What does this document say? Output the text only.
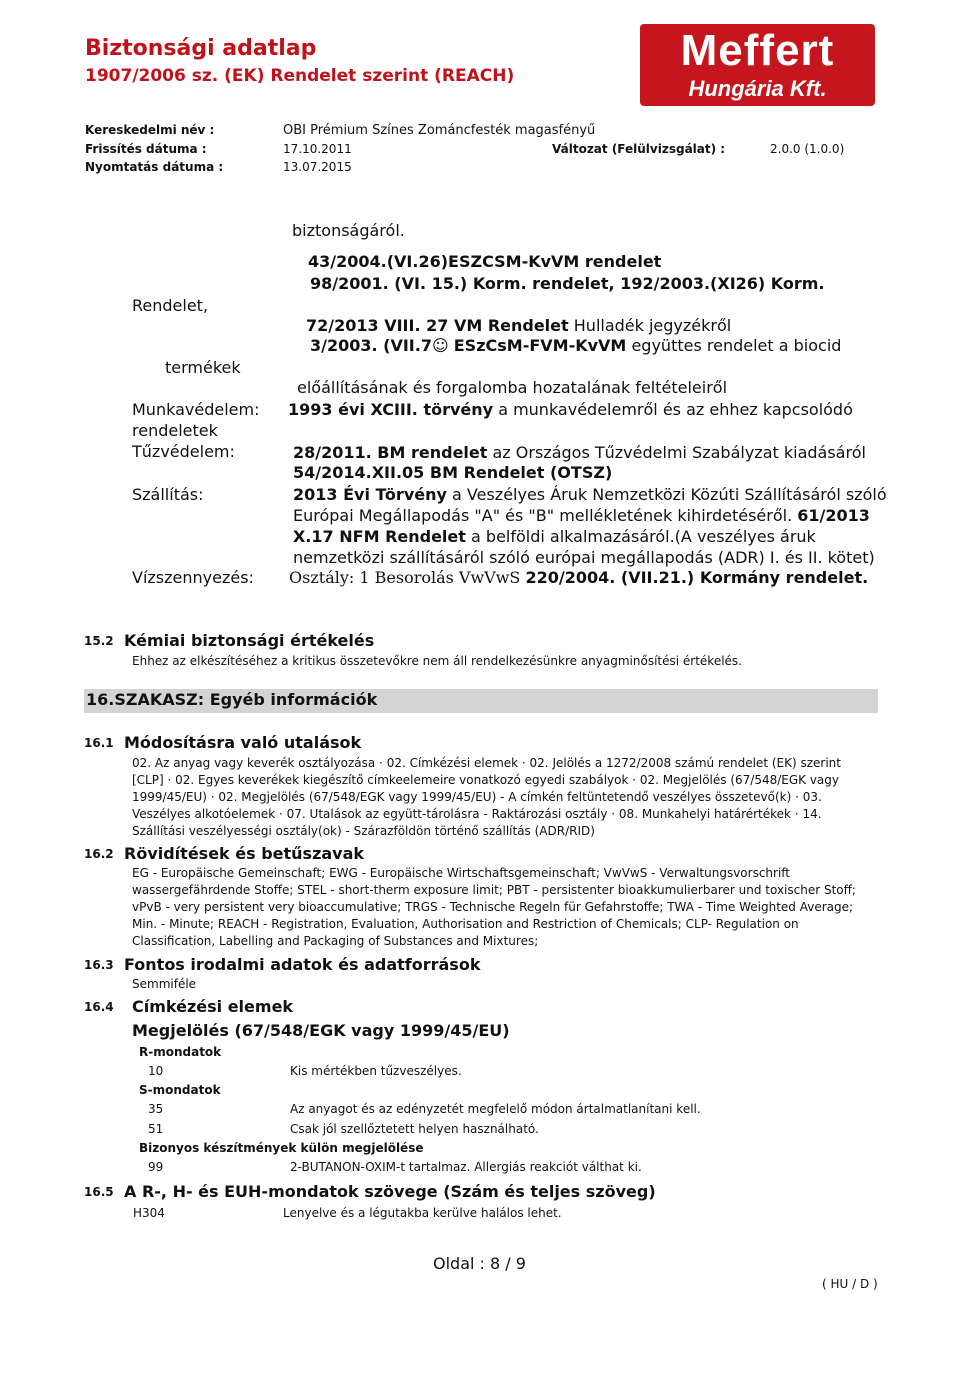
Biztonsági adatlap
1907/2006 sz. (EK) Rendelet szerint (REACH)
Meffert
Hungária Kft.
Kereskedelmi név :	OBI Prémium Színes Zománcfesték magasfényű
Frissítés dátuma :	17.10.2011	Változat (Felülvizsgálat) :	2.0.0 (1.0.0)
Nyomtatás dátuma :	13.07.2015
biztonságáról.
43/2004.(VI.26)ESZCSM-KvVM rendelet
98/2001. (VI. 15.) Korm. rendelet, 192/2003.(XI26) Korm.
Rendelet,
72/2013 VIII. 27 VM Rendelet Hulladék jegyzékről
3/2003. (VII.7☺ ESzCsM-FVM-KvVM együttes rendelet a biocid
termékek
előállításának és forgalomba hozatalának feltételeiről
Munkavédelem: 1993 évi XCIII. törvény a munkavédelemről és az ehhez kapcsolódó
rendeletek
Tűzvédelem:	28/2011. BM rendelet az Országos Tűzvédelmi Szabályzat kiadásáról
54/2014.XII.05 BM Rendelet (OTSZ)
Szállítás:	2013 Évi Törvény a Veszélyes Áruk Nemzetközi Közúti Szállításáról szóló
Európai Megállapodás "A" és "B" mellékletének kihirdetéséről. 61/2013
X.17 NFM Rendelet a belföldi alkalmazásáról.(A veszélyes áruk
nemzetközi szállításáról szóló európai megállapodás (ADR) I. és II. kötet)
Vízszennyezés: Osztály: 1 Besorolás VwVwS 220/2004. (VII.21.) Kormány rendelet.
15.2 Kémiai biztonsági értékelés
Ehhez az elkészítéséhez a kritikus összetevőkre nem áll rendelkezésünkre anyagminősítési értékelés.
16.SZAKASZ: Egyéb információk
16.1 Módosításra való utalások
02. Az anyag vagy keverék osztályozása · 02. Címkézési elemek · 02. Jelölés a 1272/2008 számú rendelet (EK) szerint [CLP] · 02. Egyes keverékek kiegészítő címkeelemeire vonatkozó egyedi szabályok · 02. Megjelölés (67/548/EGK vagy 1999/45/EU) · 02. Megjelölés (67/548/EGK vagy 1999/45/EU) - A címkén feltüntetendő veszélyes összetevő(k) · 03. Veszélyes alkotóelemek · 07. Utalások az együtt-tárolásra - Raktározási osztály · 08. Munkahelyi határértékek · 14. Szállítási veszélyességi osztály(ok) - Szárazföldön történő szállítás (ADR/RID)
16.2 Rövidítések és betűszavak
EG - Europäische Gemeinschaft; EWG - Europäische Wirtschaftsgemeinschaft; VwVwS - Verwaltungsvorschrift wassergefährdende Stoffe; STEL - short-therm exposure limit; PBT - persistenter bioakkumulierbarer und toxischer Stoff; vPvB - very persistent very bioaccumulative; TRGS - Technische Regeln für Gefahrstoffe; TWA - Time Weighted Average; Min. - Minute; REACH - Registration, Evaluation, Authorisation and Restriction of Chemicals; CLP- Regulation on Classification, Labelling and Packaging of Substances and Mixtures;
16.3 Fontos irodalmi adatok és adatforrások
Semmiféle
16.4 Címkézési elemek
Megjelölés (67/548/EGK vagy 1999/45/EU)
R-mondatok
10	Kis mértékben tűzveszélyes.
S-mondatok
35	Az anyagot és az edényzetét megfelelő módon ártalmatlanítani kell.
51	Csak jól szellőztetett helyen használható.
Bizonyos készítmények külön megjelölése
99	2-BUTANON-OXIM-t tartalmaz. Allergiás reakciót válthat ki.
16.5 A R-, H- és EUH-mondatok szövege (Szám és teljes szöveg)
H304	Lenyelve és a légutakba kerülve halálos lehet.
Oldal : 8 / 9
( HU / D )
